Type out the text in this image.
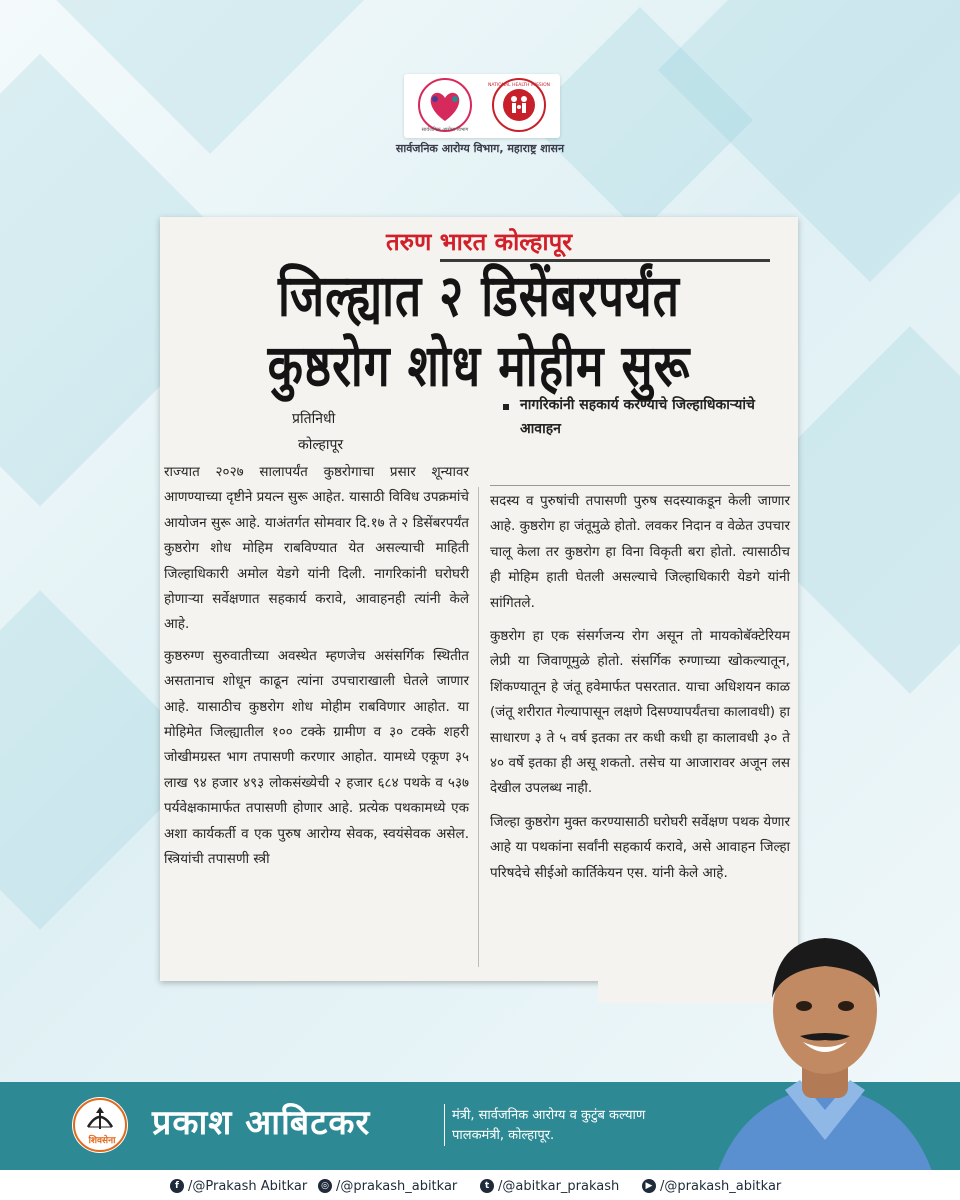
सार्वजनिक आरोग्य विभाग
NATIONAL HEALTH MISSION
सार्वजनिक आरोग्य विभाग, महाराष्ट्र शासन
तरुण भारत कोल्हापूर
जिल्ह्यात २ डिसेंबरपर्यंत
कुष्ठरोग शोध मोहीम सुरू
प्रतिनिधी
कोल्हापूर
नागरिकांनी सहकार्य करण्याचे जिल्हाधिकाऱ्यांचे आवाहन

राज्यात २०२७ सालापर्यंत कुष्ठरोगाचा प्रसार शून्यावर आणण्याच्या दृष्टीने प्रयत्न सुरू आहेत. यासाठी विविध उपक्रमांचे आयोजन सुरू आहे. याअंतर्गत सोमवार दि.१७ ते २ डिसेंबरपर्यंत कुष्ठरोग शोध मोहिम राबविण्यात येत असल्याची माहिती जिल्हाधिकारी अमोल येडगे यांनी दिली. नागरिकांनी घरोघरी होणाऱ्या सर्वेक्षणात सहकार्य करावे, आवाहनही त्यांनी केले आहे.

कुष्ठरुग्ण सुरुवातीच्या अवस्थेत म्हणजेच असंसर्गिक स्थितीत असतानाच शोधून काढून त्यांना उपचाराखाली घेतले जाणार आहे. यासाठीच कुष्ठरोग शोध मोहीम राबविणार आहोत. या मोहिमेत जिल्ह्यातील १०० टक्के ग्रामीण व ३० टक्के शहरी जोखीमग्रस्त भाग तपासणी करणार आहोत. यामध्ये एकूण ३५ लाख ९४ हजार ४९३ लोकसंख्येची २ हजार ६८४ पथके व ५३७ पर्यवेक्षकामार्फत तपासणी होणार आहे. प्रत्येक पथकामध्ये एक अशा कार्यकर्ती व एक पुरुष आरोग्य सेवक, स्वयंसेवक असेल. स्त्रियांची तपासणी स्त्री

सदस्य व पुरुषांची तपासणी पुरुष सदस्याकडून केली जाणार आहे. कुष्ठरोग हा जंतूमुळे होतो. लवकर निदान व वेळेत उपचार चालू केला तर कुष्ठरोग हा विना विकृती बरा होतो. त्यासाठीच ही मोहिम हाती घेतली असल्याचे जिल्हाधिकारी येडगे यांनी सांगितले.

कुष्ठरोग हा एक संसर्गजन्य रोग असून तो मायकोबॅक्टेरियम लेप्री या जिवाणूमुळे होतो. संसर्गिक रुग्णाच्या खोकल्यातून, शिंकण्यातून हे जंतू हवेमार्फत पसरतात. याचा अधिशयन काळ (जंतू शरीरात गेल्यापासून लक्षणे दिसण्यापर्यंतचा कालावधी) हा साधारण ३ ते ५ वर्ष इतका तर कधी कधी हा कालावधी ३० ते ४० वर्षे इतका ही असू शकतो. तसेच या आजारावर अजून लस देखील उपलब्ध नाही.

जिल्हा कुष्ठरोग मुक्त करण्यासाठी घरोघरी सर्वेक्षण पथक येणार आहे या पथकांना सर्वांनी सहकार्य करावे, असे आवाहन जिल्हा परिषदेचे सीईओ कार्तिकेयन एस. यांनी केले आहे.

शिवसेना प्रकाश आबिटकर	मंत्री, सार्वजनिक आरोग्य व कुटुंब कल्याण
पालकमंत्री, कोल्हापूर.
f /@Prakash Abitkar	◎ /@prakash_abitkar	t /@abitkar_prakash	▶ /@prakash_abitkar
